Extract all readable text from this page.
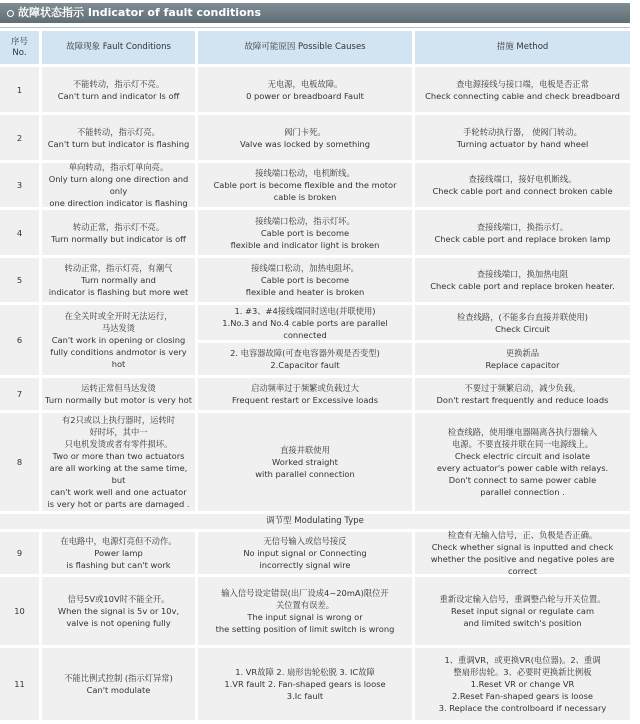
故障状态指示 Indicator of fault conditions
序号
No.
故障现象 Fault Conditions	故障可能原因 Possible Causes	措施 Method
1
不能转动，指示灯不亮。
Can't turn and indicator Is off
无电源，电板故障。
0 power or breadboard Fault
查电源接线与接口端，电板是否正常
Check connecting cable and check breadboard
2
不能转动，指示灯亮。
Can't turn but indicator is flashing
阀门卡死。
Valve was locked by something
手轮转动执行器， 使阀门转动。
Turning actuator by hand wheel
3
单向转动，指示灯单向亮。
Only turn along one direction and only
one direction indicator is flashing
接线端口松动，电机断线。
Cable port is become flexible and the motor
cable is broken
查接线端口，接好电机断线。
Check cable port and connect broken cable
4
转动正常，指示灯不亮。
Turn normally but indicator is off
接线端口松动，指示灯坏。
Cable port is become
flexible and indicator light is broken
查接线端口，换指示灯。
Check cable port and replace broken lamp
5
转动正常，指示灯亮，有潮气
Turn normally and
indicator is flashing but more wet
接线端口松动，加热电阻坏。
Cable port is become
flexible and heater is broken
查接线端口，换加热电阻
Check cable port and replace broken heater.
6
在全关时或全开时无法运行，
马达发烫
Can't work in opening or closing
fully conditions andmotor is very hot
1. #3、#4接线端同时送电(并联使用)
1.No.3 and No.4 cable ports are parallel connected
2. 电容器故障(可查电容器外观是否变型)
2.Capacitor fault
检查线路，(不能多台直接并联使用)
Check Circuit
更换新品
Replace capacitor
7
运转正常但马达发烫
Turn normally but motor is very hot
启动频率过于频繁或负载过大
Frequent restart or Excessive loads
不要过于频繁启动，减少负载。
Don't restart frequently and reduce loads
8
有2只或以上执行器时，运转时
好时坏，其中一
只电机发烫或者有零件损坏。
Two or more than two actuators
are all working at the same time, but
can't work well and one actuator
is very hot or parts are damaged .
直接并联使用
Worked straight
with parallel connection
检查线路，使用继电器隔离各执行器输入
电源。不要直接并联在同一电源线上。
Check electric circuit and isolate
every actuator's power cable with relays.
Don't connect to same power cable
parallel connection .
调节型 Modulating Type
9
在电路中，电源灯亮但不动作。
Power lamp
is flashing but can't work
无信号输入或信号接反
No input signal or Connecting
incorrectly signal wire
检查有无输入信号，正、负极是否正确。
Check whether signal is inputted and check
whether the positive and negative poles are correct
10
信号5V或10V时不能全开。
When the signal is 5v or 10v,
valve is not opening fully
输入信号设定错误(出厂设成4~20mA)限位开
关位置有误差。
The input signal is wrong or
the setting position of limit switch is wrong
重新设定输入信号，重调整凸轮与开关位置。
Reset input signal or regulate cam
and limited switch's position
11
不能比例式控制 (指示灯异常)
Can't modulate
1. VR故障 2. 扇形齿轮松脱 3. IC故障
1.VR fault 2. Fan-shaped gears is loose
3.Ic fault
1、重调VR，或更换VR(电位器)。2、重调
整扇形齿轮。3、必要时更换新比例板
1.Reset VR or change VR
2.Reset Fan-shaped gears is loose
3. Replace the controlboard if necessary
